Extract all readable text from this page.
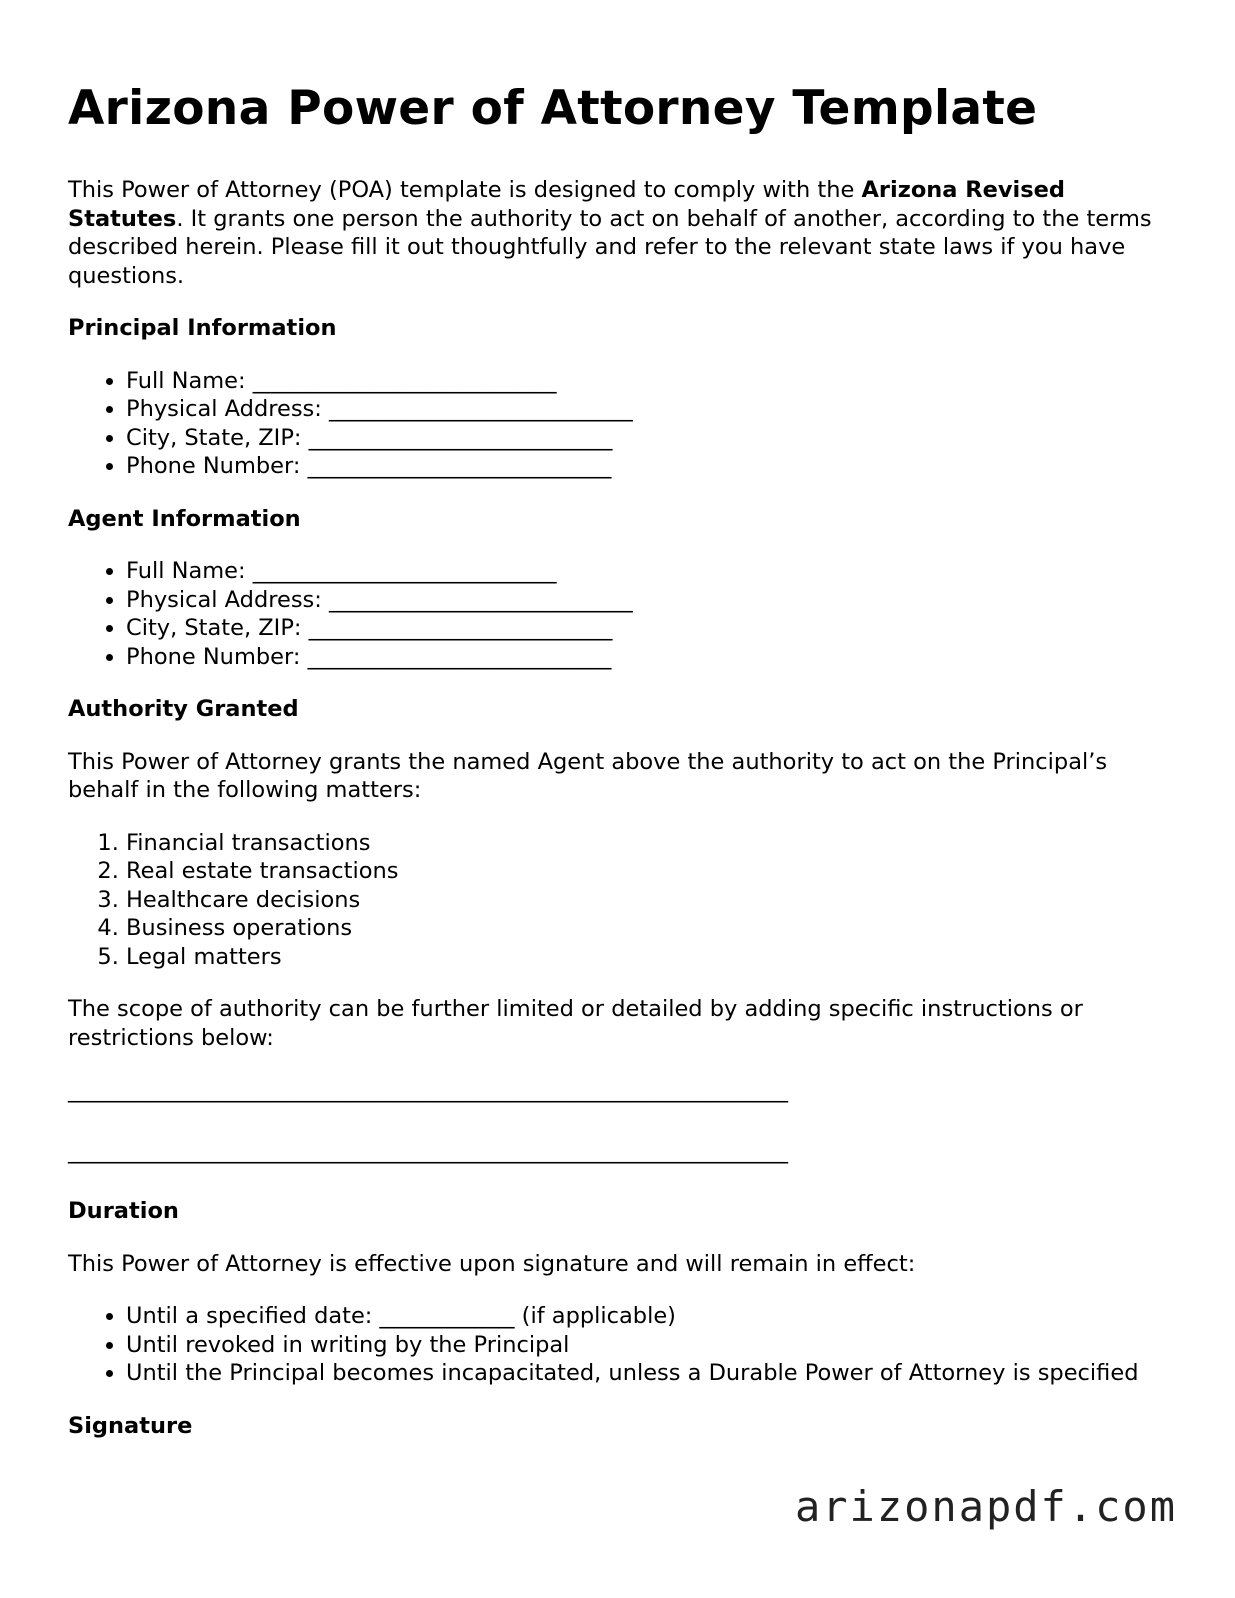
Arizona Power of Attorney Template

This Power of Attorney (POA) template is designed to comply with the Arizona Revised Statutes. It grants one person the authority to act on behalf of another, according to the terms described herein. Please fill it out thoughtfully and refer to the relevant state laws if you have questions.

Principal Information
• Full Name: ___________________________
• Physical Address: ___________________________
• City, State, ZIP: ___________________________
• Phone Number: ___________________________
Agent Information
• Full Name: ___________________________
• Physical Address: ___________________________
• City, State, ZIP: ___________________________
• Phone Number: ___________________________
Authority Granted

This Power of Attorney grants the named Agent above the authority to act on the Principal’s behalf in the following matters:

1. Financial transactions
2. Real estate transactions
3. Healthcare decisions
4. Business operations
5. Legal matters

The scope of authority can be further limited or detailed by adding specific instructions or restrictions below:

________________________________________________________________

________________________________________________________________

Duration

This Power of Attorney is effective upon signature and will remain in effect:

• Until a specified date: ____________ (if applicable)
• Until revoked in writing by the Principal
• Until the Principal becomes incapacitated, unless a Durable Power of Attorney is specified
Signature
arizonapdf.com
